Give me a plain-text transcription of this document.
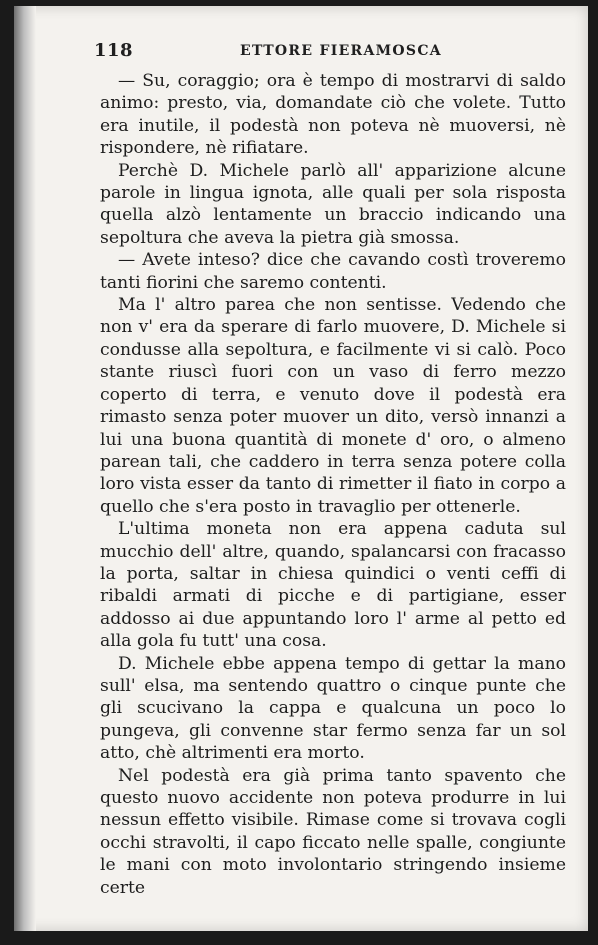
118	ETTORE FIERAMOSCA

— Su, coraggio; ora è tempo di mostrarvi di saldo animo: presto, via, domandate ciò che volete. Tutto era inutile, il podestà non poteva nè muoversi, nè rispondere, nè rifiatare.

Perchè D. Michele parlò all' apparizione alcune parole in lingua ignota, alle quali per sola risposta quella alzò lentamente un braccio indicando una sepoltura che aveva la pietra già smossa.

— Avete inteso? dice che cavando costì troveremo tanti fiorini che saremo contenti.

Ma l' altro parea che non sentisse. Vedendo che non v' era da sperare di farlo muovere, D. Michele si condusse alla sepoltura, e facilmente vi si calò. Poco stante riuscì fuori con un vaso di ferro mezzo coperto di terra, e venuto dove il podestà era rimasto senza poter muover un dito, versò innanzi a lui una buona quantità di monete d' oro, o almeno parean tali, che caddero in terra senza potere colla loro vista esser da tanto di rimetter il fiato in corpo a quello che s'era posto in travaglio per ottenerle.

L'ultima moneta non era appena caduta sul mucchio dell' altre, quando, spalancarsi con fracasso la porta, saltar in chiesa quindici o venti ceffi di ribaldi armati di picche e di partigiane, esser addosso ai due appuntando loro l' arme al petto ed alla gola fu tutt' una cosa.

D. Michele ebbe appena tempo di gettar la mano sull' elsa, ma sentendo quattro o cinque punte che gli scucivano la cappa e qualcuna un poco lo pungeva, gli convenne star fermo senza far un sol atto, chè altrimenti era morto.

Nel podestà era già prima tanto spavento che questo nuovo accidente non poteva produrre in lui nessun effetto visibile. Rimase come si trovava cogli occhi stravolti, il capo ficcato nelle spalle, congiunte le mani con moto involontario stringendo insieme certe
